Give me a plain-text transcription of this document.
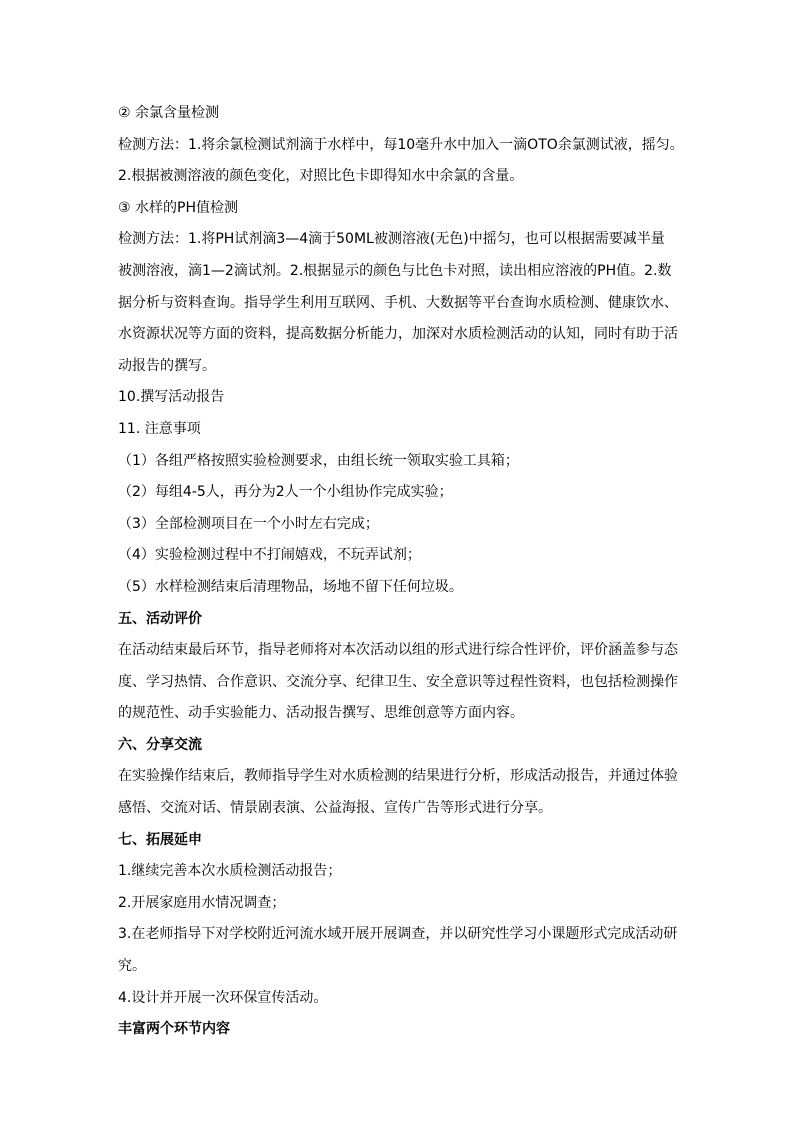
② 余氯含量检测
检测方法：1.将余氯检测试剂滴于水样中，每10毫升水中加入一滴OTO余氯测试液，摇匀。
2.根据被测溶液的颜色变化，对照比色卡即得知水中余氯的含量。
③ 水样的PH值检测
检测方法：1.将PH试剂滴3—4滴于50ML被测溶液(无色)中摇匀，也可以根据需要减半量
被测溶液，滴1—2滴试剂。2.根据显示的颜色与比色卡对照，读出相应溶液的PH值。2.数
据分析与资料查询。指导学生利用互联网、手机、大数据等平台查询水质检测、健康饮水、
水资源状况等方面的资料，提高数据分析能力，加深对水质检测活动的认知，同时有助于活
动报告的撰写。
10.撰写活动报告
11. 注意事项
（1）各组严格按照实验检测要求，由组长统一领取实验工具箱；
（2）每组4-5人，再分为2人一个小组协作完成实验；
（3）全部检测项目在一个小时左右完成；
（4）实验检测过程中不打闹嬉戏，不玩弄试剂；
（5）水样检测结束后清理物品，场地不留下任何垃圾。
五、活动评价
在活动结束最后环节，指导老师将对本次活动以组的形式进行综合性评价，评价涵盖参与态
度、学习热情、合作意识、交流分享、纪律卫生、安全意识等过程性资料，也包括检测操作
的规范性、动手实验能力、活动报告撰写、思维创意等方面内容。
六、分享交流
在实验操作结束后，教师指导学生对水质检测的结果进行分析，形成活动报告，并通过体验
感悟、交流对话、情景剧表演、公益海报、宣传广告等形式进行分享。
七、拓展延申
1.继续完善本次水质检测活动报告；
2.开展家庭用水情况调查；
3.在老师指导下对学校附近河流水域开展开展调查，并以研究性学习小课题形式完成活动研
究。
4.设计并开展一次环保宣传活动。
丰富两个环节内容
